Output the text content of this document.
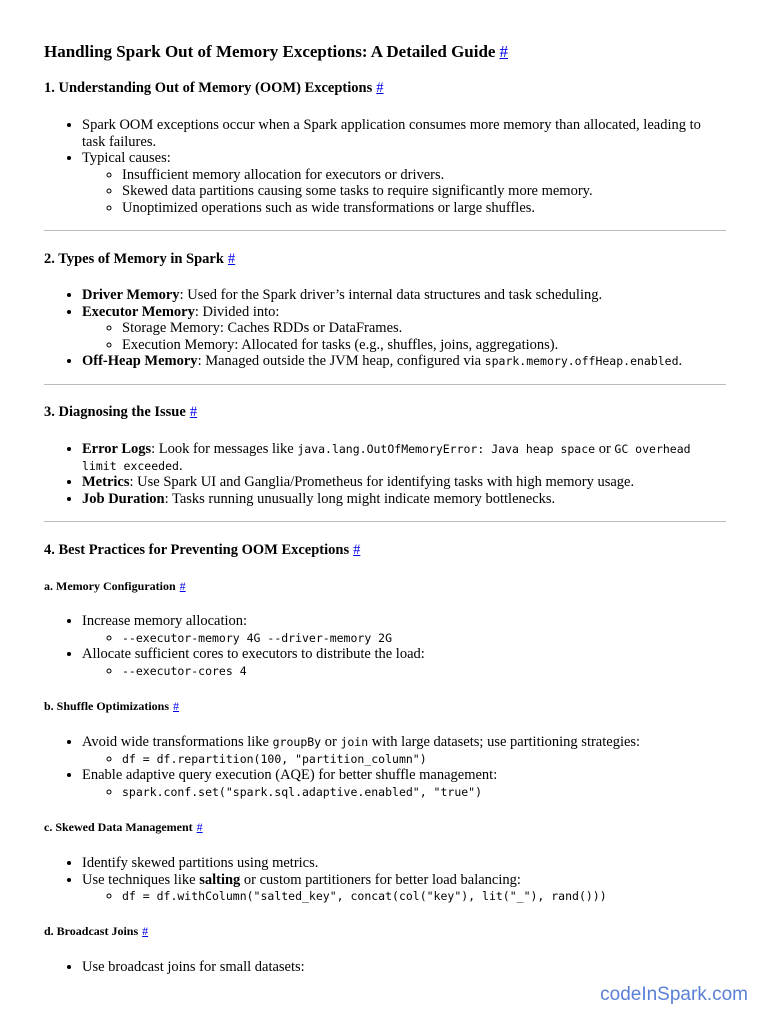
Handling Spark Out of Memory Exceptions: A Detailed Guide #
1. Understanding Out of Memory (OOM) Exceptions #
• Spark OOM exceptions occur when a Spark application consumes more memory than allocated, leading to task failures.
• Typical causes:
◦ Insufficient memory allocation for executors or drivers.
◦ Skewed data partitions causing some tasks to require significantly more memory.
◦ Unoptimized operations such as wide transformations or large shuffles.
2. Types of Memory in Spark #
• Driver Memory: Used for the Spark driver’s internal data structures and task scheduling.
• Executor Memory: Divided into:
◦ Storage Memory: Caches RDDs or DataFrames.
◦ Execution Memory: Allocated for tasks (e.g., shuffles, joins, aggregations).
• Off-Heap Memory: Managed outside the JVM heap, configured via spark.memory.offHeap.enabled.
3. Diagnosing the Issue #
• Error Logs: Look for messages like java.lang.OutOfMemoryError: Java heap space or GC overhead limit exceeded.
• Metrics: Use Spark UI and Ganglia/Prometheus for identifying tasks with high memory usage.
• Job Duration: Tasks running unusually long might indicate memory bottlenecks.
4. Best Practices for Preventing OOM Exceptions #
a. Memory Configuration #
• Increase memory allocation:
◦ --executor-memory 4G --driver-memory 2G
• Allocate sufficient cores to executors to distribute the load:
◦ --executor-cores 4
b. Shuffle Optimizations #
• Avoid wide transformations like groupBy or join with large datasets; use partitioning strategies:
◦ df = df.repartition(100, "partition_column")
• Enable adaptive query execution (AQE) for better shuffle management:
◦ spark.conf.set("spark.sql.adaptive.enabled", "true")
c. Skewed Data Management #
• Identify skewed partitions using metrics.
• Use techniques like salting or custom partitioners for better load balancing:
◦ df = df.withColumn("salted_key", concat(col("key"), lit("_"), rand()))
d. Broadcast Joins #
• Use broadcast joins for small datasets:
codeInSpark.com
